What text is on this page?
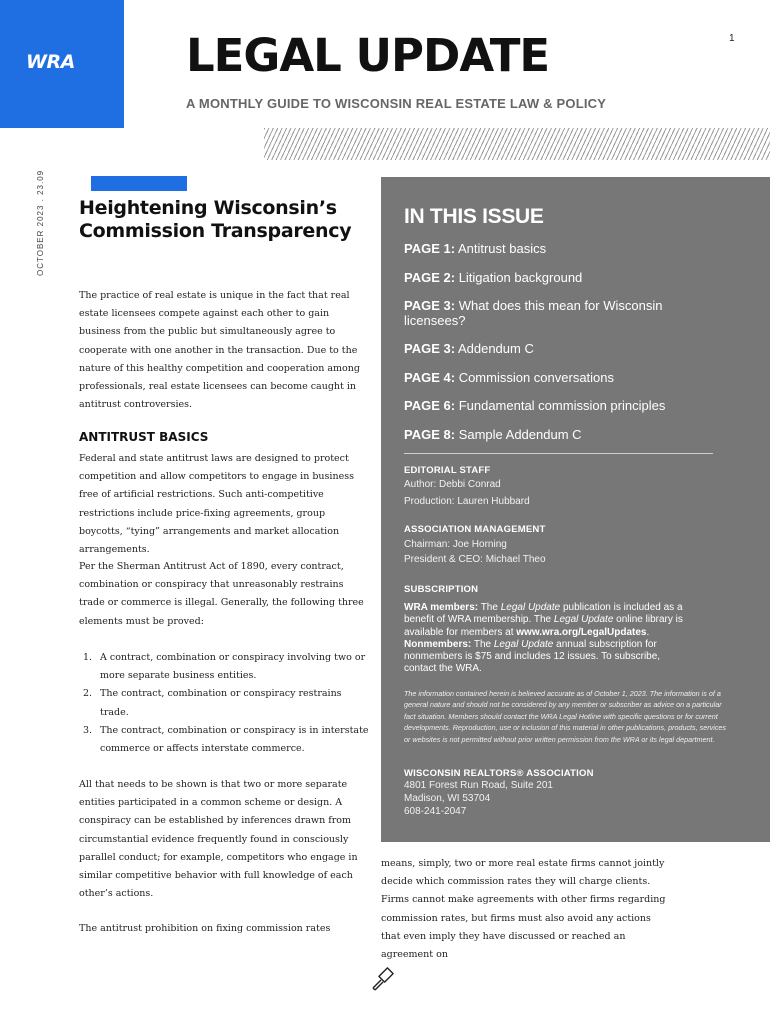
WRA
1
LEGAL UPDATE
A MONTHLY GUIDE TO WISCONSIN REAL ESTATE LAW & POLICY
OCTOBER 2023 . 23.09 Heightening Wisconsin’s Commission Transparency
The practice of real estate is unique in the fact that real estate licensees compete against each other to gain business from the public but simultaneously agree to cooperate with one another in the transaction. Due to the nature of this healthy competition and cooperation among professionals, real estate licensees can become caught in antitrust controversies.
ANTITRUST BASICS
Federal and state antitrust laws are designed to protect competition and allow competitors to engage in business free of artificial restrictions. Such anti-competitive restrictions include price-fixing agreements, group boycotts, “tying” arrangements and market allocation arrangements.
Per the Sherman Antitrust Act of 1890, every contract, combination or conspiracy that unreasonably restrains trade or commerce is illegal. Generally, the following three elements must be proved:
1. A contract, combination or conspiracy involving two or more separate business entities.
2. The contract, combination or conspiracy restrains trade.
3. The contract, combination or conspiracy is in interstate commerce or affects interstate commerce.
All that needs to be shown is that two or more separate entities participated in a common scheme or design. A conspiracy can be established by inferences drawn from circumstantial evidence frequently found in consciously parallel conduct; for example, competitors who engage in similar competitive behavior with full knowledge of each other’s actions.
The antitrust prohibition on fixing commission rates
means, simply, two or more real estate firms cannot jointly decide which commission rates they will charge clients. Firms cannot make agreements with other firms regarding commission rates, but firms must also avoid any actions that even imply they have discussed or reached an agreement on
IN THIS ISSUE
PAGE 1: Antitrust basics
PAGE 2: Litigation background
PAGE 3: What does this mean for Wisconsin licensees?
PAGE 3: Addendum C
PAGE 4: Commission conversations
PAGE 6: Fundamental commission principles
PAGE 8: Sample Addendum C
EDITORIAL STAFF
Author: Debbi Conrad
Production: Lauren Hubbard
ASSOCIATION MANAGEMENT
Chairman: Joe Horning
President & CEO: Michael Theo
SUBSCRIPTION
WRA members: The Legal Update publication is included as a benefit of WRA membership. The Legal Update online library is available for members at www.wra.org/LegalUpdates.
Nonmembers: The Legal Update annual subscription for nonmembers is $75 and includes 12 issues. To subscribe, contact the WRA.
The information contained herein is believed accurate as of October 1, 2023. The information is of a general nature and should not be considered by any member or subscriber as advice on a particular fact situation. Members should contact the WRA Legal Hotline with specific questions or for current developments. Reproduction, use or inclusion of this material in other publications, products, services or websites is not permitted without prior written permission from the WRA or its legal department.
WISCONSIN REALTORS® ASSOCIATION
4801 Forest Run Road, Suite 201
Madison, WI 53704
608-241-2047
